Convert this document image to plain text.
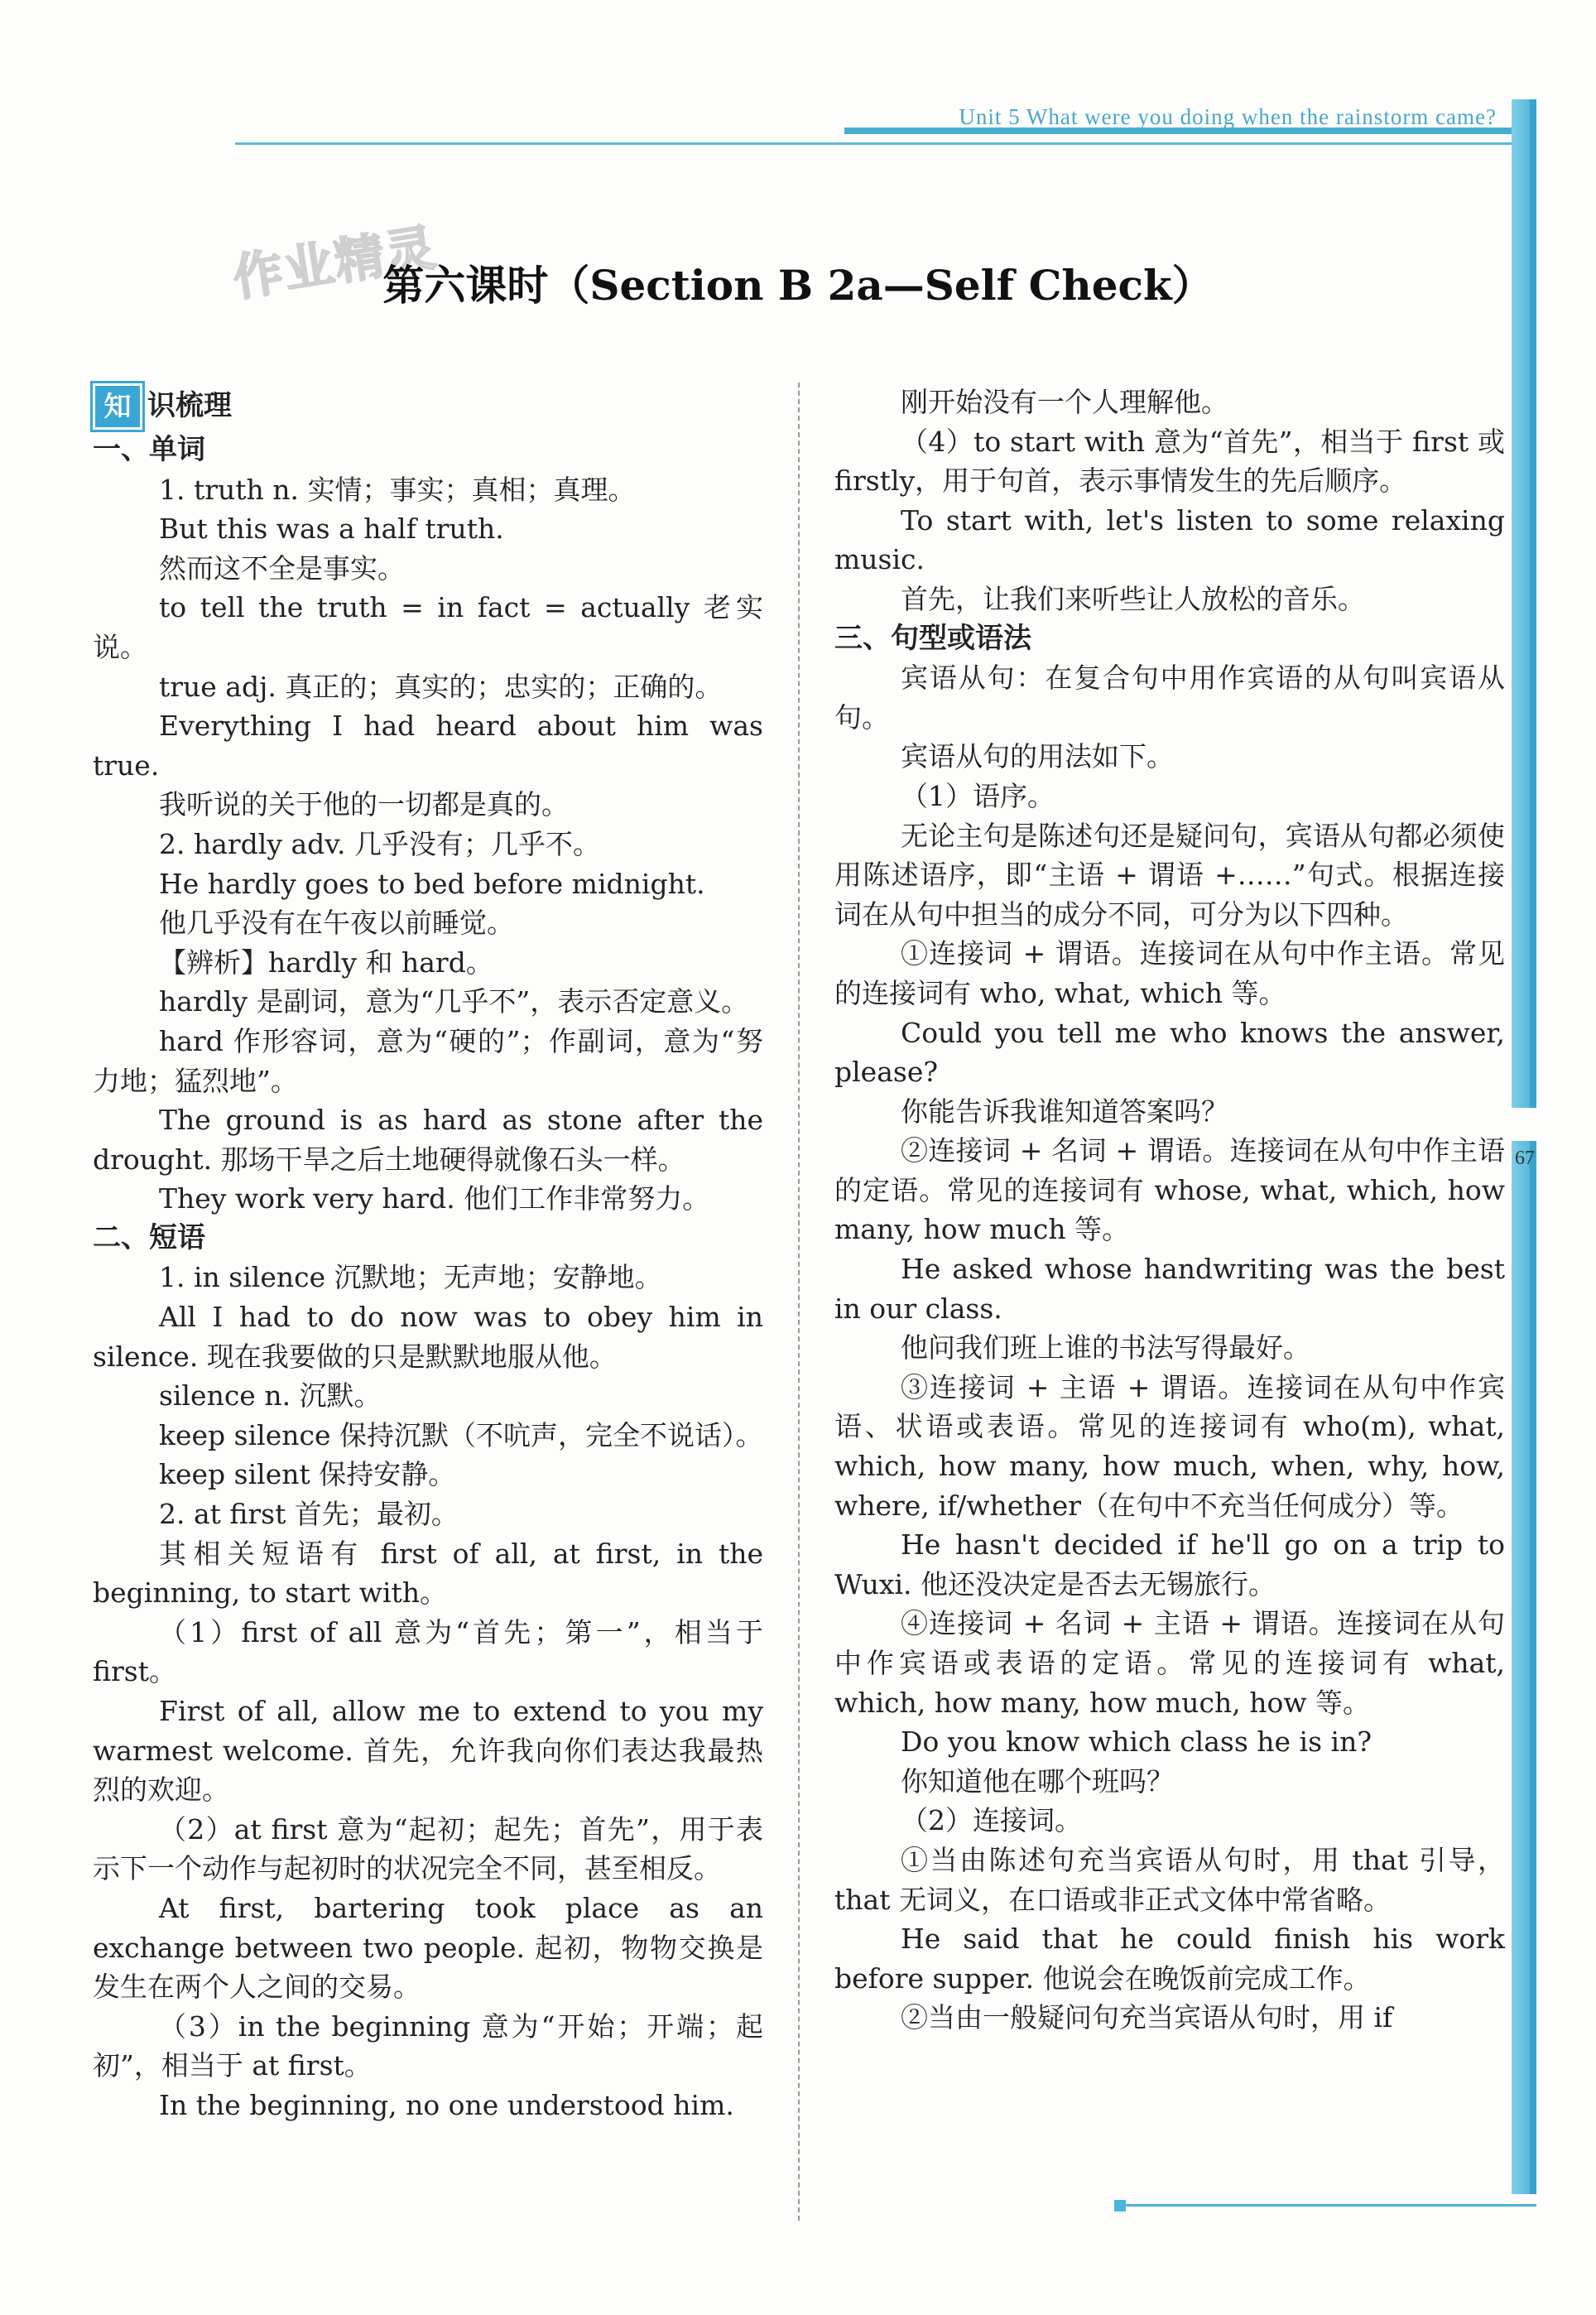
Unit 5 What were you doing when the rainstorm came?
67
作业精灵
第六课时（Section B 2a—Self Check）
知 识梳理

一、单词

1. truth n. 实情；事实；真相；真理。

But this was a half truth.

然而这不全是事实。

to tell the truth = in fact = actually 老实说。

true adj. 真正的；真实的；忠实的；正确的。

Everything I had heard about him was true.

我听说的关于他的一切都是真的。

2. hardly adv. 几乎没有；几乎不。

He hardly goes to bed before midnight.

他几乎没有在午夜以前睡觉。

【辨析】hardly 和 hard。

hardly 是副词，意为“几乎不”，表示否定意义。

hard 作形容词，意为“硬的”；作副词，意为“努力地；猛烈地”。

The ground is as hard as stone after the drought. 那场干旱之后土地硬得就像石头一样。

They work very hard. 他们工作非常努力。

二、短语

1. in silence 沉默地；无声地；安静地。

All I had to do now was to obey him in silence. 现在我要做的只是默默地服从他。

silence n. 沉默。

keep silence 保持沉默（不吭声，完全不说话）。

keep silent 保持安静。

2. at first 首先；最初。

其相关短语有 first of all, at first, in the beginning, to start with。

（1）first of all 意为“首先；第一”，相当于 first。

First of all, allow me to extend to you my warmest welcome. 首先，允许我向你们表达我最热烈的欢迎。

（2）at first 意为“起初；起先；首先”，用于表示下一个动作与起初时的状况完全不同，甚至相反。

At first, bartering took place as an exchange between two people. 起初，物物交换是发生在两个人之间的交易。

（3）in the beginning 意为“开始；开端；起初”，相当于 at first。

In the beginning, no one understood him.

刚开始没有一个人理解他。

（4）to start with 意为“首先”，相当于 first 或 firstly，用于句首，表示事情发生的先后顺序。

To start with, let's listen to some relaxing music.

首先，让我们来听些让人放松的音乐。

三、句型或语法

宾语从句：在复合句中用作宾语的从句叫宾语从句。

宾语从句的用法如下。

（1）语序。

无论主句是陈述句还是疑问句，宾语从句都必须使用陈述语序，即“主语 + 谓语 +……”句式。根据连接词在从句中担当的成分不同，可分为以下四种。

①连接词 + 谓语。连接词在从句中作主语。常见的连接词有 who, what, which 等。

Could you tell me who knows the answer, please?

你能告诉我谁知道答案吗？

②连接词 + 名词 + 谓语。连接词在从句中作主语的定语。常见的连接词有 whose, what, which, how many, how much 等。

He asked whose handwriting was the best in our class.

他问我们班上谁的书法写得最好。

③连接词 + 主语 + 谓语。连接词在从句中作宾语、状语或表语。常见的连接词有 who(m), what, which, how many, how much, when, why, how, where, if/whether（在句中不充当任何成分）等。

He hasn't decided if he'll go on a trip to Wuxi. 他还没决定是否去无锡旅行。

④连接词 + 名词 + 主语 + 谓语。连接词在从句中作宾语或表语的定语。常见的连接词有 what, which, how many, how much, how 等。

Do you know which class he is in?

你知道他在哪个班吗？

（2）连接词。

①当由陈述句充当宾语从句时，用 that 引导，that 无词义，在口语或非正式文体中常省略。

He said that he could finish his work before supper. 他说会在晚饭前完成工作。

②当由一般疑问句充当宾语从句时，用 if
